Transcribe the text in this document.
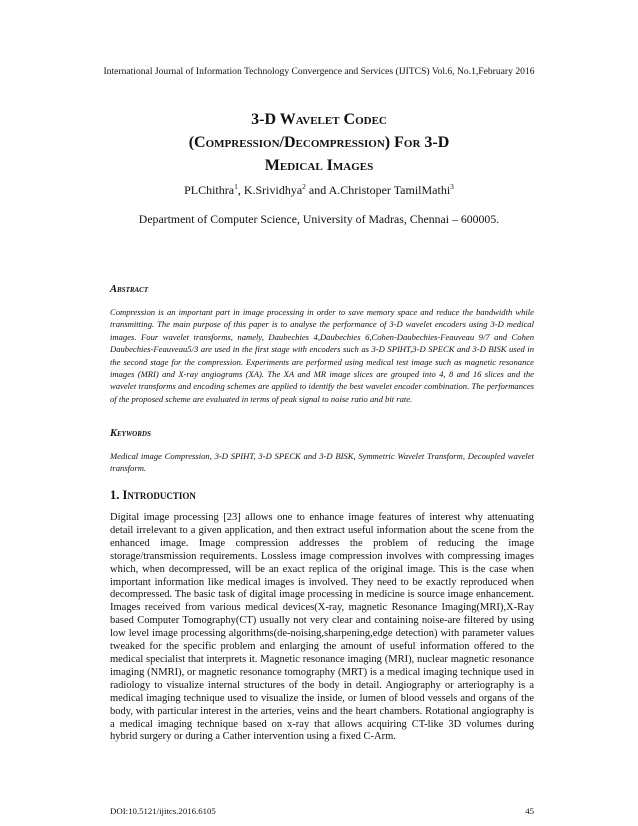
International Journal of Information Technology Convergence and Services (IJITCS) Vol.6, No.1,February 2016
3-D Wavelet Codec
(Compression/Decompression) For 3-D
Medical Images
PLChithra$^1$, K.Srividhya$^2$ and A.Christoper TamilMathi$^3$
Department of Computer Science, University of Madras, Chennai – 600005.
Abstract

Compression is an important part in image processing in order to save memory space and reduce the bandwidth while transmitting. The main purpose of this paper is to analyse the performance of 3-D wavelet encoders using 3-D medical images. Four wavelet transforms, namely, Daubechies 4,Daubechies 6,Cohen-Daubechies-Feauveau 9/7 and Cohen Daubechies-Feauveau5/3 are used in the first stage with encoders such as 3-D SPIHT,3-D SPECK and 3-D BISK used in the second stage for the compression. Experiments are performed using medical test image such as magnetic resonance images (MRI) and X-ray angiograms (XA). The XA and MR image slices are grouped into 4, 8 and 16 slices and the wavelet transforms and encoding schemes are applied to identify the best wavelet encoder combination. The performances of the proposed scheme are evaluated in terms of peak signal to noise ratio and bit rate.

Keywords

Medical image Compression, 3-D SPIHT, 3-D SPECK and 3-D BISK, Symmetric Wavelet Transform, Decoupled wavelet transform.

1. Introduction

Digital image processing [23] allows one to enhance image features of interest why attenuating detail irrelevant to a given application, and then extract useful information about the scene from the enhanced image. Image compression addresses the problem of reducing the image storage/transmission requirements. Lossless image compression involves with compressing images which, when decompressed, will be an exact replica of the original image. This is the case when important information like medical images is involved. They need to be exactly reproduced when decompressed. The basic task of digital image processing in medicine is source image enhancement. Images received from various medical devices(X-ray, magnetic Resonance Imaging(MRI),X-Ray based Computer Tomography(CT) usually not very clear and containing noise-are filtered by using low level image processing algorithms(de-noising,sharpening,edge detection) with parameter values tweaked for the specific problem and enlarging the amount of useful information offered to the medical specialist that interprets it. Magnetic resonance imaging (MRI), nuclear magnetic resonance imaging (NMRI), or magnetic resonance tomography (MRT) is a medical imaging technique used in radiology to visualize internal structures of the body in detail. Angiography or arteriography is a medical imaging technique used to visualize the inside, or lumen of blood vessels and organs of the body, with particular interest in the arteries, veins and the heart chambers. Rotational angiography is a medical imaging technique based on x-ray that allows acquiring CT-like 3D volumes during hybrid surgery or during a Cather intervention using a fixed C-Arm.

DOI:10.5121/ijitcs.2016.6105	45
